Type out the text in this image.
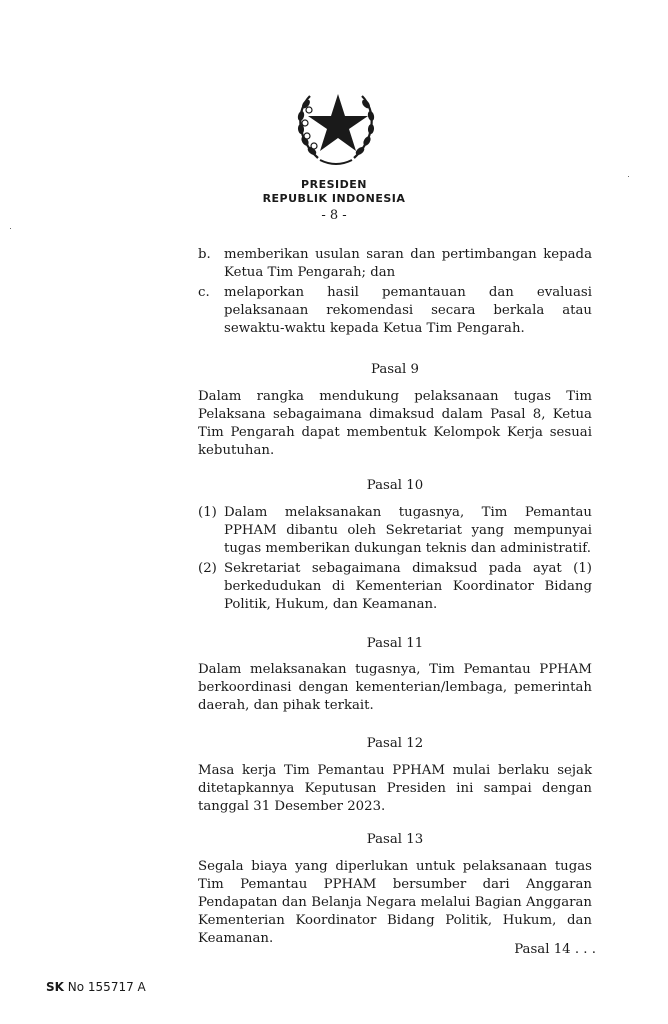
PRESIDEN
REPUBLIK INDONESIA
- 8 -
b. memberikan usulan saran dan pertimbangan kepada Ketua Tim Pengarah; dan
c.	melaporkan hasil pemantauan dan evaluasi pelaksanaan rekomendasi secara berkala atau sewaktu-waktu kepada Ketua Tim Pengarah.
Pasal 9
Dalam rangka mendukung pelaksanaan tugas Tim Pelaksana sebagaimana dimaksud dalam Pasal 8, Ketua Tim Pengarah dapat membentuk Kelompok Kerja sesuai kebutuhan.
Pasal 10
(1) Dalam melaksanakan tugasnya, Tim Pemantau PPHAM dibantu oleh Sekretariat yang mempunyai tugas memberikan dukungan teknis dan administratif.
(2) Sekretariat sebagaimana dimaksud pada ayat (1) berkedudukan di Kementerian Koordinator Bidang Politik, Hukum, dan Keamanan.
Pasal 11
Dalam melaksanakan tugasnya, Tim Pemantau PPHAM berkoordinasi dengan kementerian/lembaga, pemerintah daerah, dan pihak terkait.
Pasal 12
Masa kerja Tim Pemantau PPHAM mulai berlaku sejak ditetapkannya Keputusan Presiden ini sampai dengan tanggal 31 Desember 2023.
Pasal 13
Segala biaya yang diperlukan untuk pelaksanaan tugas Tim Pemantau PPHAM bersumber dari Anggaran Pendapatan dan Belanja Negara melalui Bagian Anggaran Kementerian Koordinator Bidang Politik, Hukum, dan Keamanan.
Pasal 14 . . .
SK No 155717 A
